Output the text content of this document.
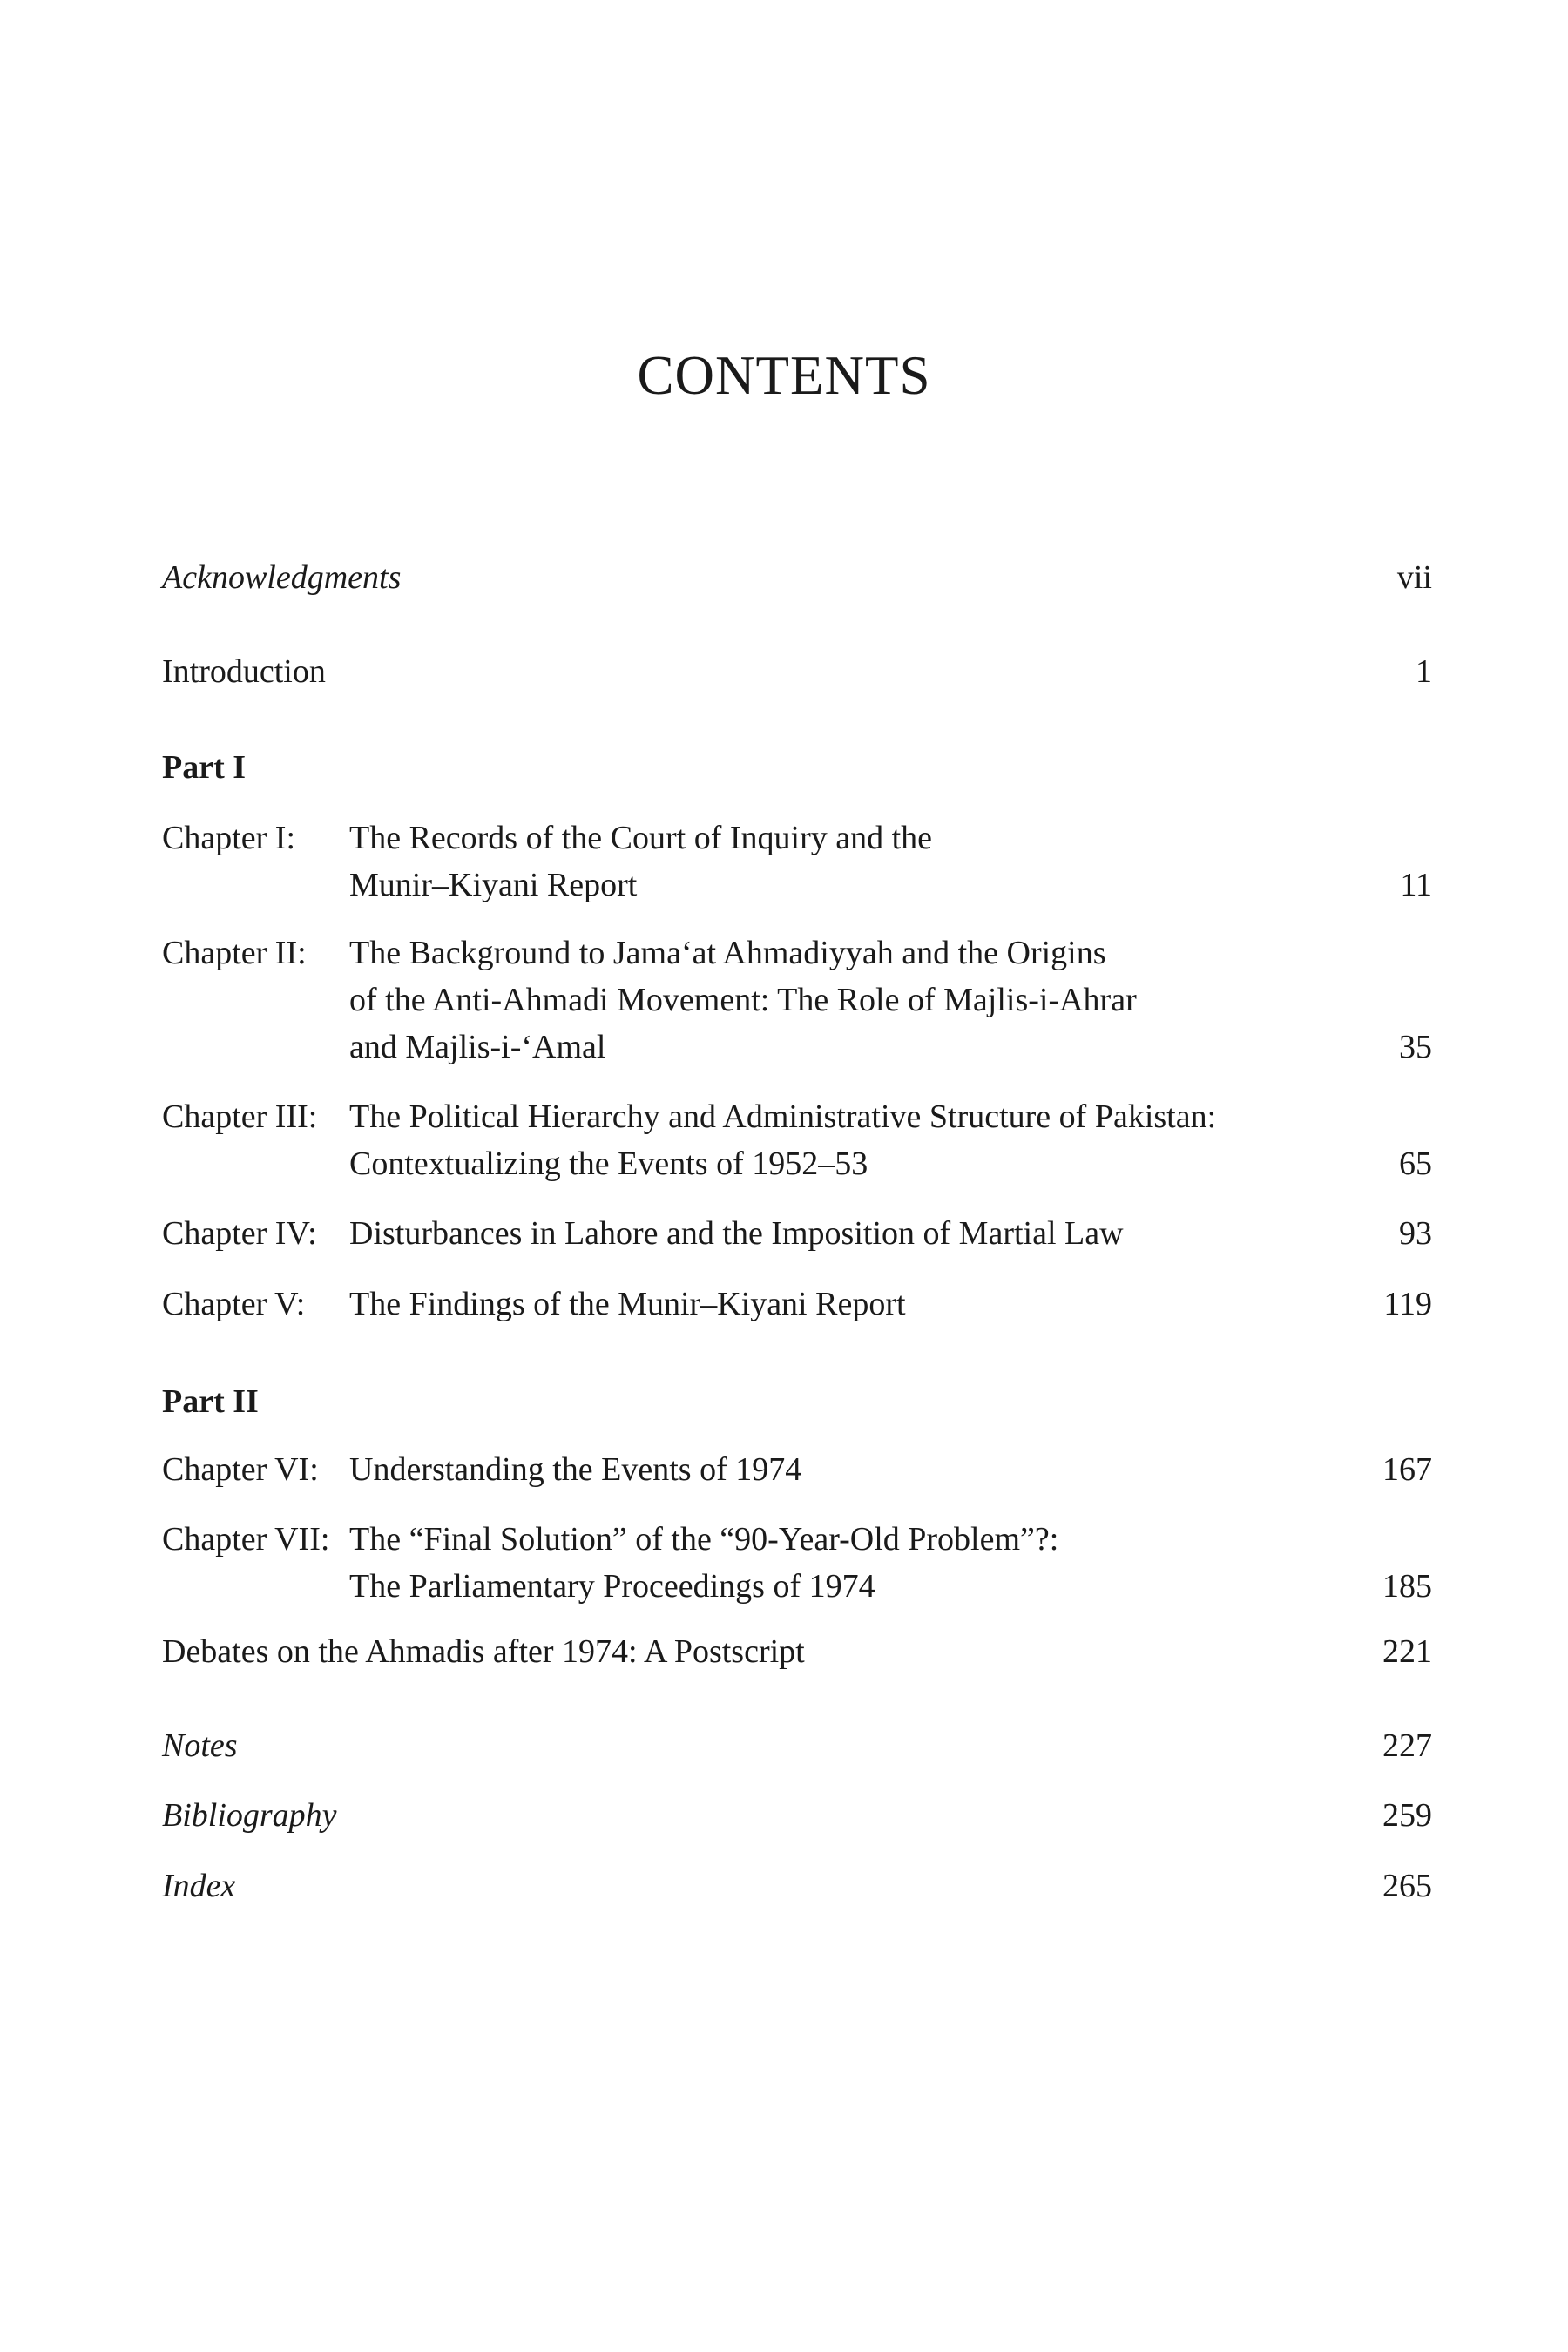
CONTENTS
Acknowledgments	vii
Introduction	1
Part I
Chapter I: The Records of the Court of Inquiry and the
Munir–Kiyani Report	11
Chapter II: The Background to Jama‘at Ahmadiyyah and the Origins
of the Anti-Ahmadi Movement: The Role of Majlis-i-Ahrar
and Majlis-i-‘Amal	35
Chapter III: The Political Hierarchy and Administrative Structure of Pakistan:
Contextualizing the Events of 1952–53	65
Chapter IV: Disturbances in Lahore and the Imposition of Martial Law	93
Chapter V: The Findings of the Munir–Kiyani Report	119
Part II
Chapter VI: Understanding the Events of 1974	167
Chapter VII: The “Final Solution” of the “90-Year-Old Problem”?:
The Parliamentary Proceedings of 1974	185
Debates on the Ahmadis after 1974: A Postscript	221
Notes	227
Bibliography	259
Index	265
